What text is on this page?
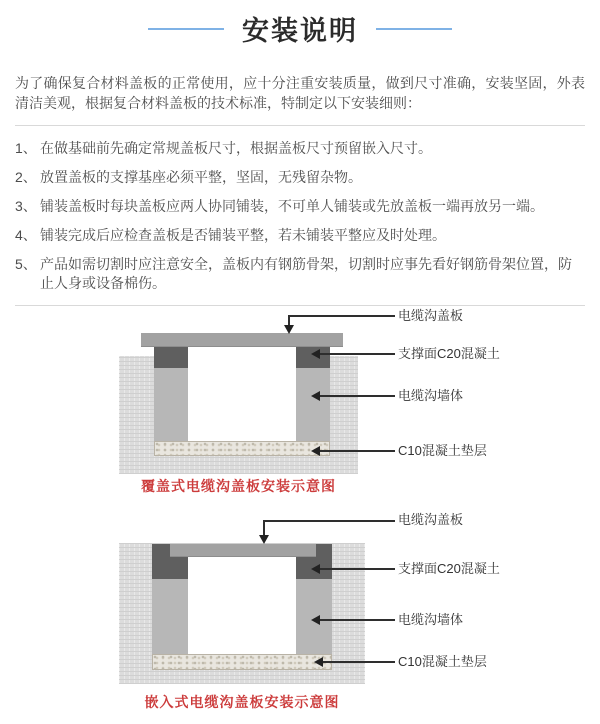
安装说明

为了确保复合材料盖板的正常使用，应十分注重安装质量，做到尺寸准确，安装坚固，外表清洁美观，根据复合材料盖板的技术标准，特制定以下安装细则：

1、 在做基础前先确定常规盖板尺寸，根据盖板尺寸预留嵌入尺寸。
2、 放置盖板的支撑基座必须平整，坚固，无残留杂物。
3、 铺装盖板时每块盖板应两人协同铺装，不可单人铺装或先放盖板一端再放另一端。
4、 铺装完成后应检查盖板是否铺装平整，若未铺装平整应及时处理。
5、 产品如需切割时应注意安全，盖板内有钢筋骨架，切割时应事先看好钢筋骨架位置，防止人身或设备棉伤。
电缆沟盖板
支撑面C20混凝土
电缆沟墙体
C10混凝土垫层
覆盖式电缆沟盖板安装示意图
电缆沟盖板
支撑面C20混凝土
电缆沟墙体
C10混凝土垫层
嵌入式电缆沟盖板安装示意图
